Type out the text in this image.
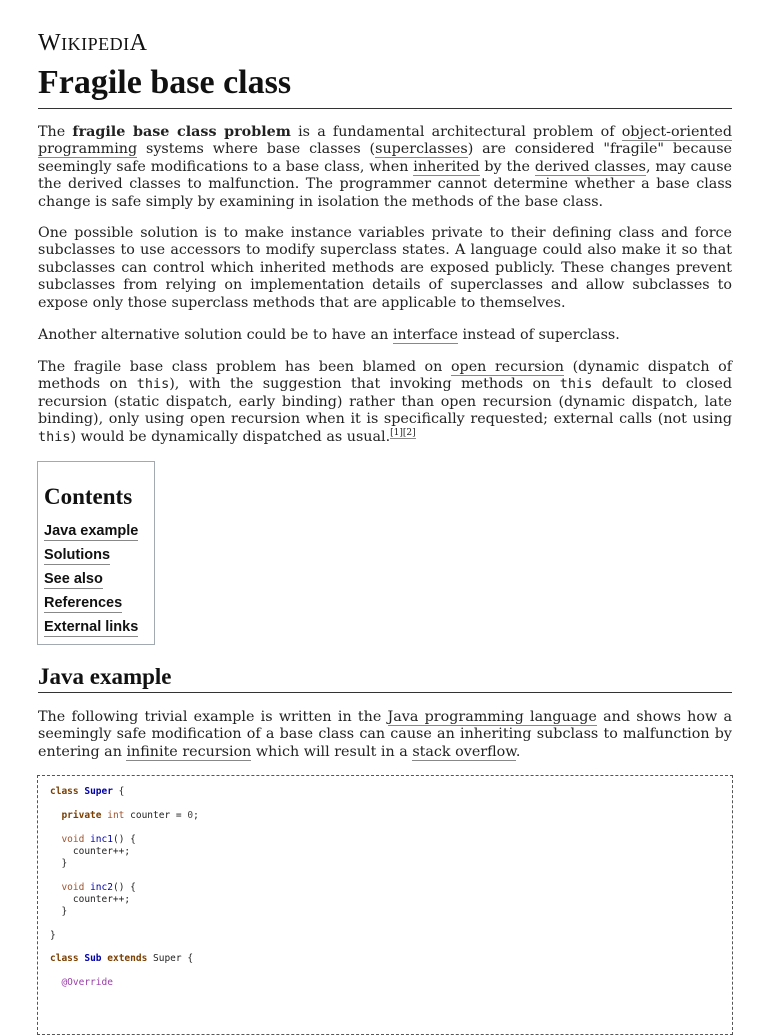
WIKIPEDIA
Fragile base class

The fragile base class problem is a fundamental architectural problem of object-oriented programming systems where base classes (superclasses) are considered "fragile" because seemingly safe modifications to a base class, when inherited by the derived classes, may cause the derived classes to malfunction. The programmer cannot determine whether a base class change is safe simply by examining in isolation the methods of the base class.

One possible solution is to make instance variables private to their defining class and force subclasses to use accessors to modify superclass states. A language could also make it so that subclasses can control which inherited methods are exposed publicly. These changes prevent subclasses from relying on implementation details of superclasses and allow subclasses to expose only those superclass methods that are applicable to themselves.

Another alternative solution could be to have an interface instead of superclass.

The fragile base class problem has been blamed on open recursion (dynamic dispatch of methods on this), with the suggestion that invoking methods on this default to closed recursion (static dispatch, early binding) rather than open recursion (dynamic dispatch, late binding), only using open recursion when it is specifically requested; external calls (not using this) would be dynamically dispatched as usual.[1][2]

Contents
Java example
Solutions
See also
References
External links
Java example

The following trivial example is written in the Java programming language and shows how a seemingly safe modification of a base class can cause an inheriting subclass to malfunction by entering an infinite recursion which will result in a stack overflow.

class Super {
private int counter = 0;
void inc1() {
counter++;
}
void inc2() {
counter++;
}
}
class Sub extends Super {
@Override
